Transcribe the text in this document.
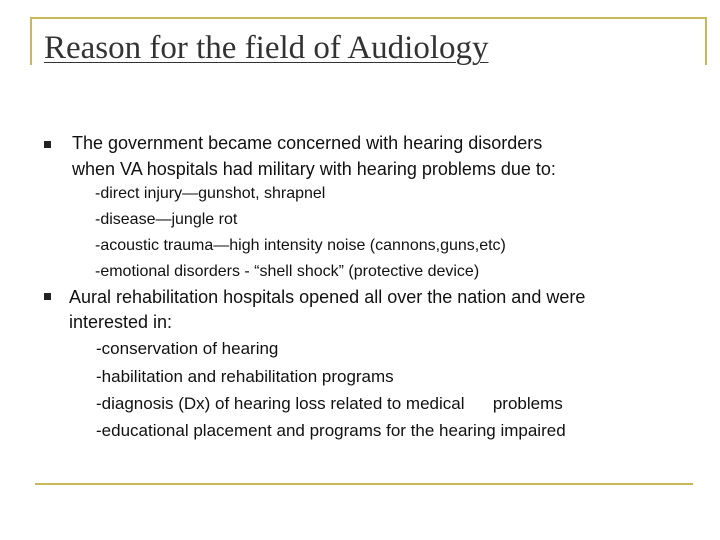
Reason for the field of Audiology
The government became concerned with hearing disorders
when VA hospitals had military with hearing problems due to:
-direct injury—gunshot, shrapnel
-disease—jungle rot
-acoustic trauma—high intensity noise (cannons,guns,etc)
-emotional disorders - “shell shock” (protective device)
Aural rehabilitation hospitals opened all over the nation and were
interested in:
-conservation of hearing
-habilitation and rehabilitation programs
-diagnosis (Dx) of hearing loss related to medical      problems
-educational placement and programs for the hearing impaired
